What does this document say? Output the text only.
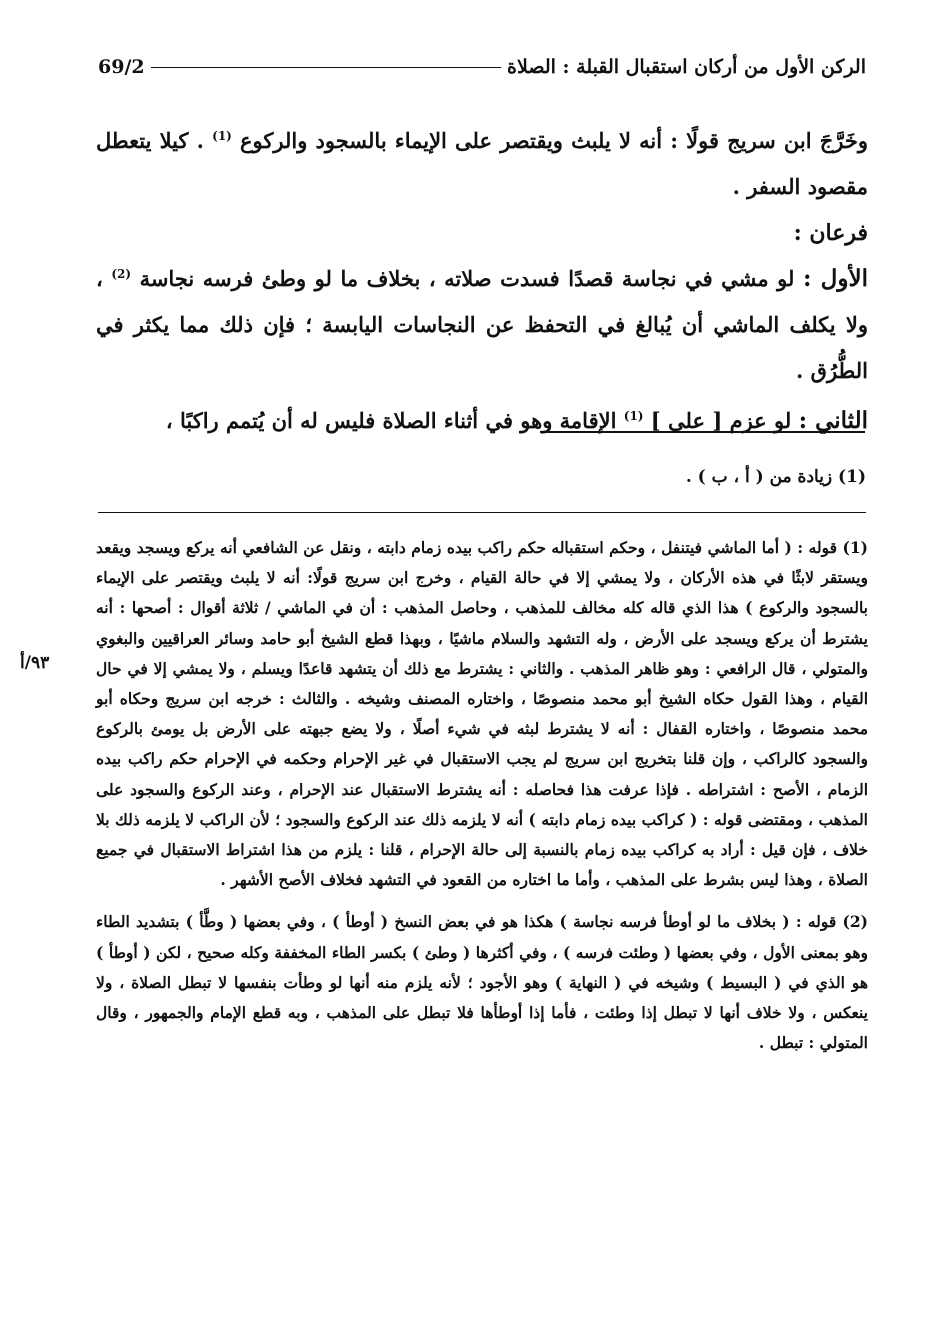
69/2	الركن الأول من أركان استقبال القبلة : الصلاة

وخَرَّجَ ابن سريج قولًا : أنه لا يلبث ويقتصر على الإيماء بالسجود والركوع $^{(1)}$ . كيلا يتعطل مقصود السفر .

فرعان :

الأول : لو مشي في نجاسة قصدًا فسدت صلاته ، بخلاف ما لو وطئ فرسه نجاسة $^{(2)}$ ، ولا يكلف الماشي أن يُبالغ في التحفظ عن النجاسات اليابسة ؛ فإن ذلك مما يكثر في الطُّرُق .

الثاني : لو عزم [ على ] $^{(1)}$ الإقامة وهو في أثناء الصلاة فليس له أن يُتمم راكبًا ،

(1) زيادة من ( أ ، ب ) .
٩٣/أ

(1) قوله : ( أما الماشي فيتنفل ، وحكم استقباله حكم راكب بيده زمام دابته ، ونقل عن الشافعي أنه يركع ويسجد ويقعد ويستقر لابثًا في هذه الأركان ، ولا يمشي إلا في حالة القيام ، وخرج ابن سريج قولًا: أنه لا يلبث ويقتصر على الإيماء بالسجود والركوع ) هذا الذي قاله كله مخالف للمذهب ، وحاصل المذهب : أن في الماشي / ثلاثة أقوال : أصحها : أنه يشترط أن يركع ويسجد على الأرض ، وله التشهد والسلام ماشيًا ، وبهذا قطع الشيخ أبو حامد وسائر العراقيين والبغوي والمتولي ، قال الرافعي : وهو ظاهر المذهب . والثاني : يشترط مع ذلك أن يتشهد قاعدًا ويسلم ، ولا يمشي إلا في حال القيام ، وهذا القول حكاه الشيخ أبو محمد منصوصًا ، واختاره المصنف وشيخه . والثالث : خرجه ابن سريج وحكاه أبو محمد منصوصًا ، واختاره القفال : أنه لا يشترط لبثه في شيء أصلًا ، ولا يضع جبهته على الأرض بل يومئ بالركوع والسجود كالراكب ، وإن قلنا بتخريج ابن سريج لم يجب الاستقبال في غير الإحرام وحكمه في الإحرام حكم راكب بيده الزمام ، الأصح : اشتراطه . فإذا عرفت هذا فحاصله : أنه يشترط الاستقبال عند الإحرام ، وعند الركوع والسجود على المذهب ، ومقتضى قوله : ( كراكب بيده زمام دابته ) أنه لا يلزمه ذلك عند الركوع والسجود ؛ لأن الراكب لا يلزمه ذلك بلا خلاف ، فإن قيل : أراد به كراكب بيده زمام بالنسبة إلى حالة الإحرام ، قلنا : يلزم من هذا اشتراط الاستقبال في جميع الصلاة ، وهذا ليس بشرط على المذهب ، وأما ما اختاره من القعود في التشهد فخلاف الأصح الأشهر .

(2) قوله : ( بخلاف ما لو أوطأ فرسه نجاسة ) هكذا هو في بعض النسخ ( أوطأ ) ، وفي بعضها ( وطَّأ ) بتشديد الطاء وهو بمعنى الأول ، وفي بعضها ( وطئت فرسه ) ، وفي أكثرها ( وطئ ) بكسر الطاء المخففة وكله صحيح ، لكن ( أوطأ ) هو الذي في ( البسيط ) وشيخه في ( النهاية ) وهو الأجود ؛ لأنه يلزم منه أنها لو وطأت بنفسها لا تبطل الصلاة ، ولا ينعكس ، ولا خلاف أنها لا تبطل إذا وطئت ، فأما إذا أوطأها فلا تبطل على المذهب ، وبه قطع الإمام والجمهور ، وقال المتولي : تبطل .
